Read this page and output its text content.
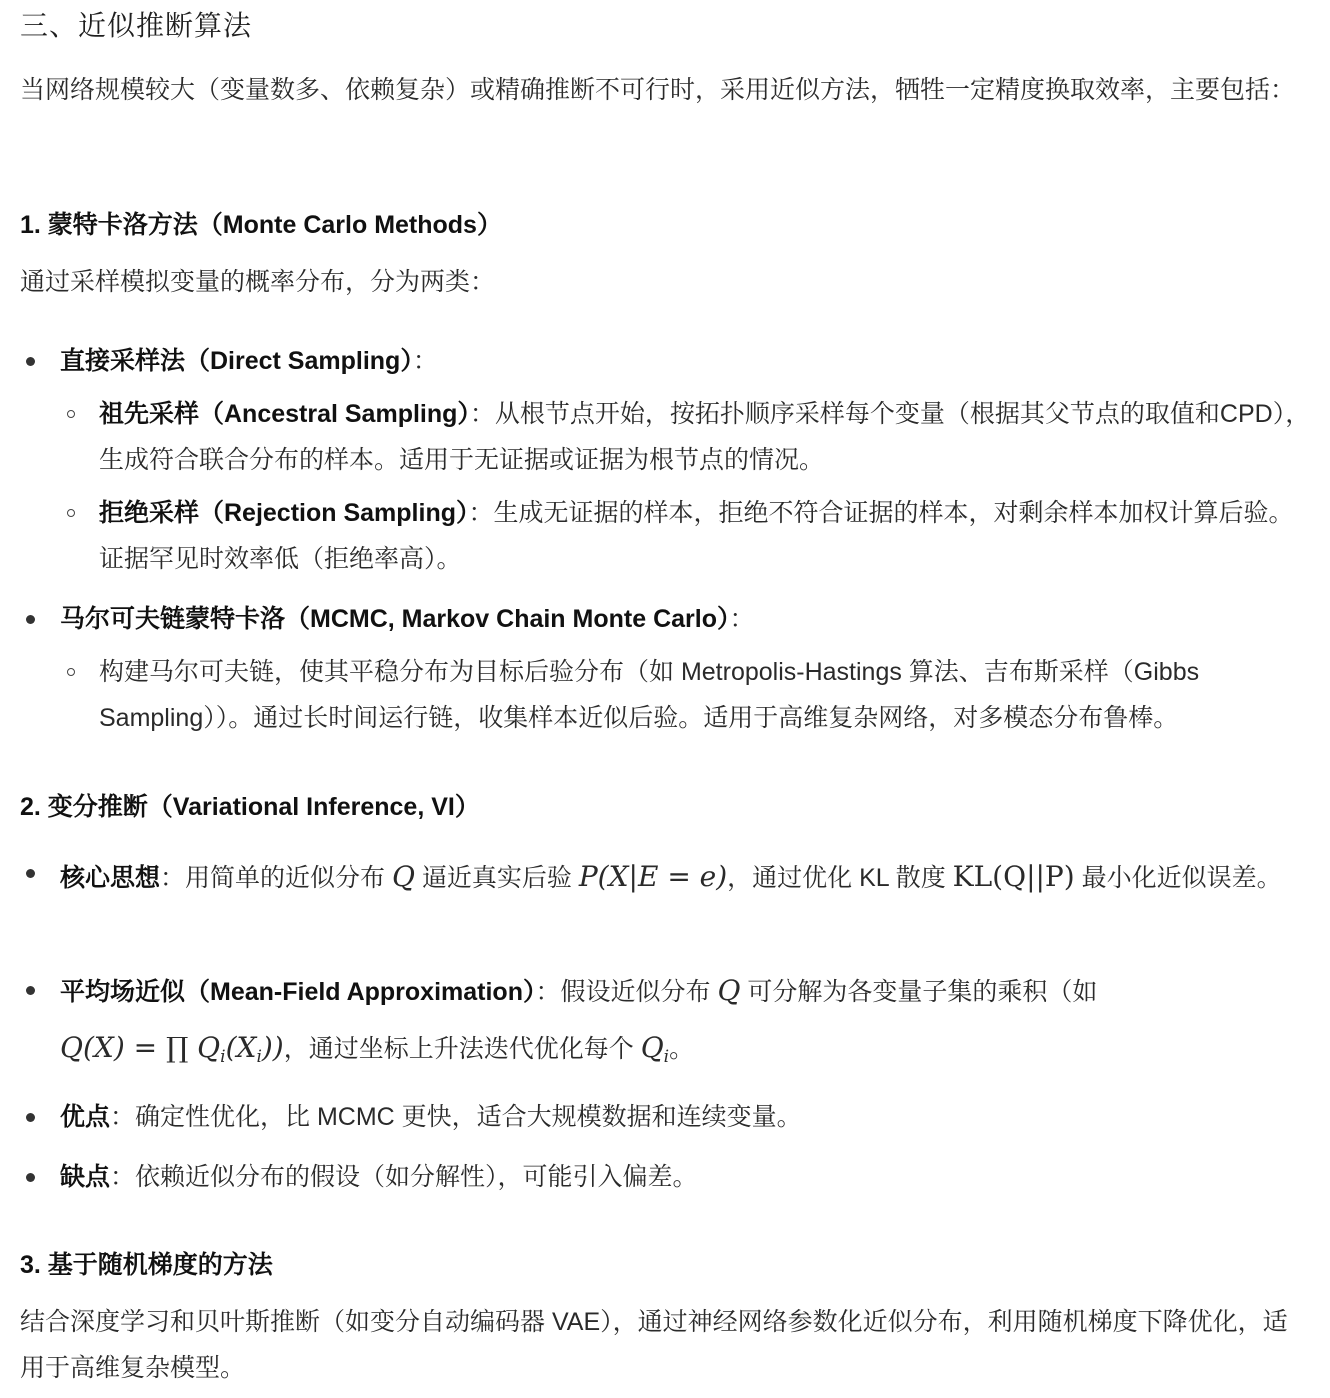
三、近似推断算法
当网络规模较大（变量数多、依赖复杂）或精确推断不可行时，采用近似方法，牺牲一定精度换取效率，主要包括：
1. 蒙特卡洛方法（Monte Carlo Methods）
通过采样模拟变量的概率分布，分为两类：
直接采样法（Direct Sampling）：
祖先采样（Ancestral Sampling）：从根节点开始，按拓扑顺序采样每个变量（根据其父节点的取值和CPD），生成符合联合分布的样本。适用于无证据或证据为根节点的情况。
拒绝采样（Rejection Sampling）：生成无证据的样本，拒绝不符合证据的样本，对剩余样本加权计算后验。证据罕见时效率低（拒绝率高）。
马尔可夫链蒙特卡洛（MCMC, Markov Chain Monte Carlo）：
构建马尔可夫链，使其平稳分布为目标后验分布（如 Metropolis-Hastings 算法、吉布斯采样（Gibbs Sampling））。通过长时间运行链，收集样本近似后验。适用于高维复杂网络，对多模态分布鲁棒。
2. 变分推断（Variational Inference, VI）
核心思想：用简单的近似分布 Q 逼近真实后验 P(X|E = e)，通过优化 KL 散度 KL(Q||P) 最小化近似误差。
平均场近似（Mean-Field Approximation）：假设近似分布 Q 可分解为各变量子集的乘积（如
Q(X) = ∏ $Q_i(X_i)$)，通过坐标上升法迭代优化每个 $Q_i$。
优点：确定性优化，比 MCMC 更快，适合大规模数据和连续变量。
缺点：依赖近似分布的假设（如分解性），可能引入偏差。
3. 基于随机梯度的方法
结合深度学习和贝叶斯推断（如变分自动编码器 VAE），通过神经网络参数化近似分布，利用随机梯度下降优化，适用于高维复杂模型。
